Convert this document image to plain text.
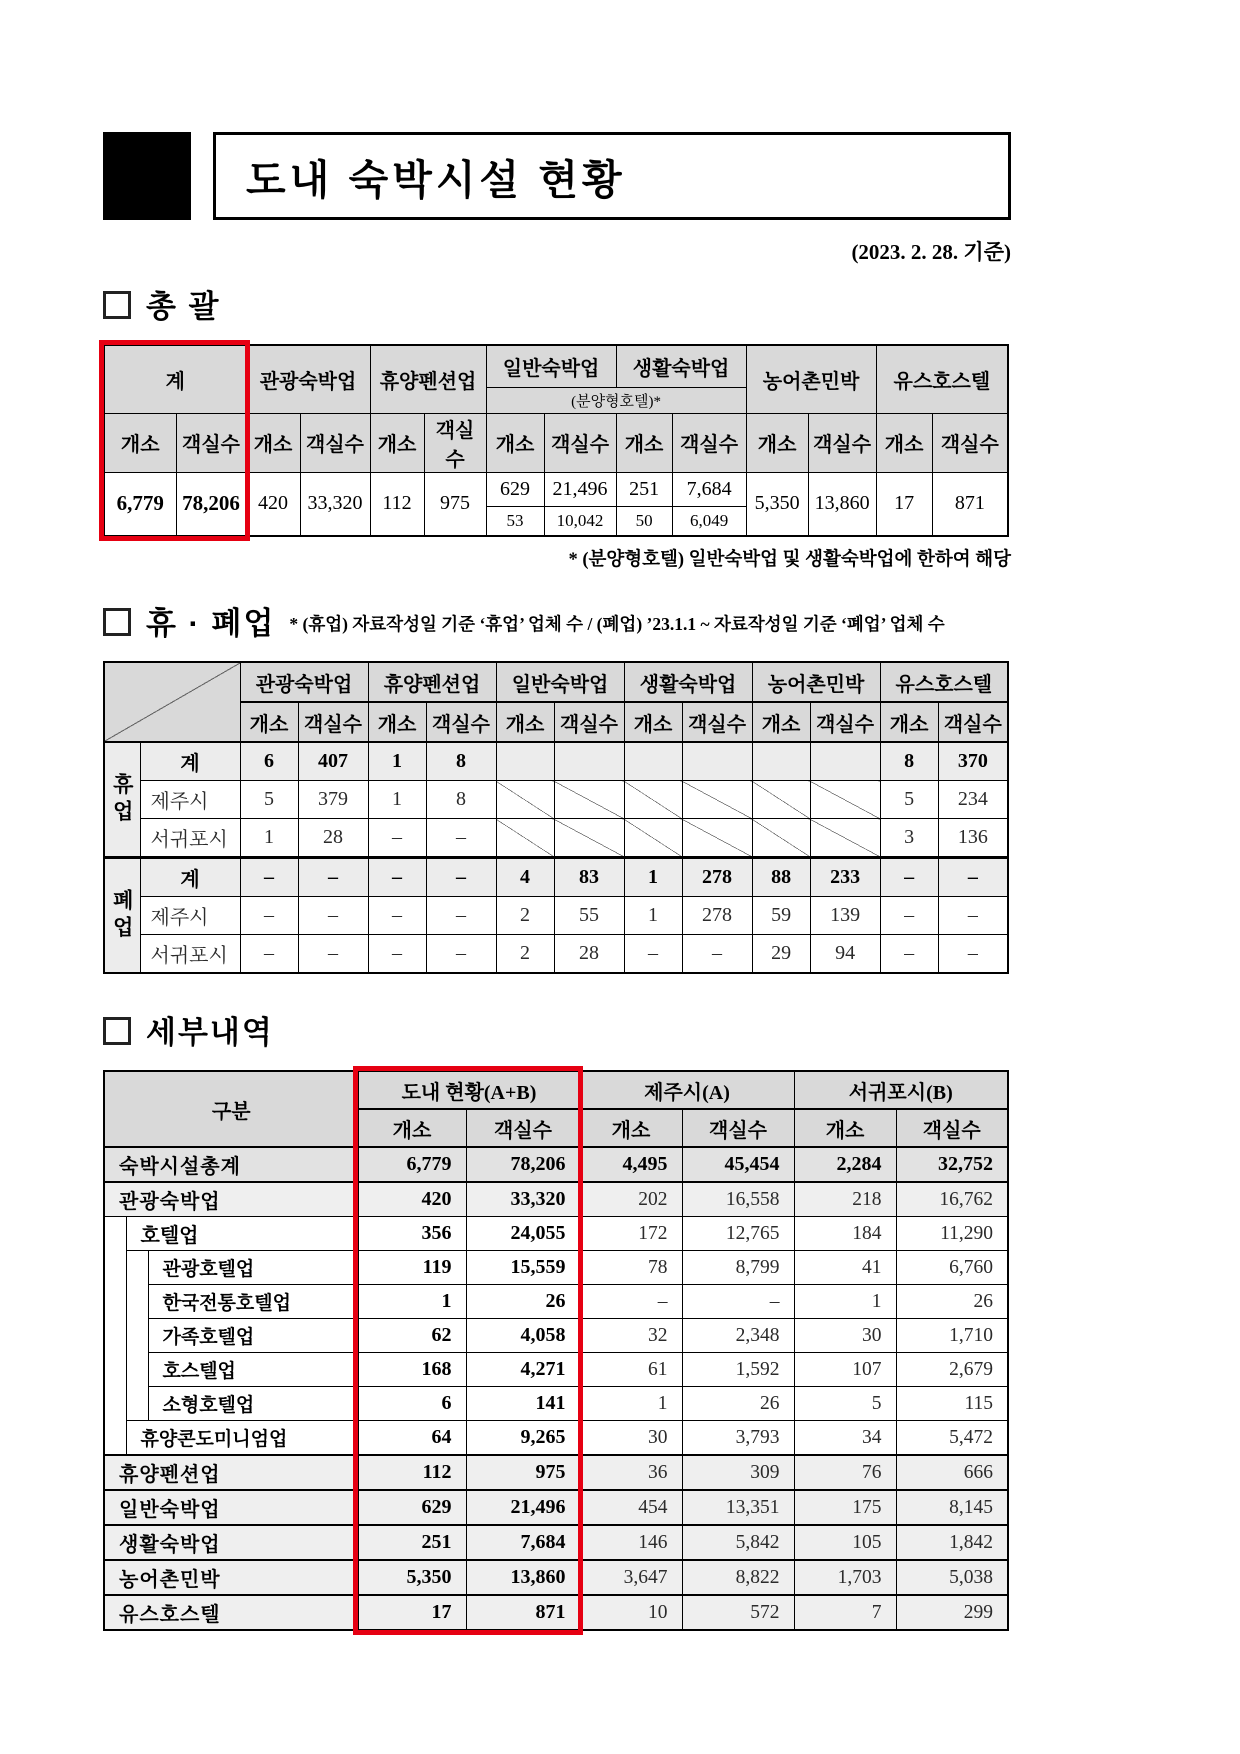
도내 숙박시설 현황
(2023. 2. 28. 기준)
총 괄
계		관광숙박업		휴양펜션업		일반숙박업		생활숙박업		농어촌민박		유스호스텔	
						(분양형호텔)*							
개소	객실수	개소	객실수	개소	객실수	개소	객실수	개소	객실수	개소	객실수	개소	객실수
6,779	78,206	420	33,320	112	975	629	21,496	251	7,684	5,350	13,860	17	871
						53	10,042	50	6,049				
* (분양형호텔) 일반숙박업 및 생활숙박업에 한하여 해당
휴 · 폐업 * (휴업) 자료작성일 기준 ‘휴업’ 업체 수 / (폐업) ’23.1.1 ~ 자료작성일 기준 ‘폐업’ 업체 수
		관광숙박업		휴양펜션업		일반숙박업		생활숙박업		농어촌민박		유스호스텔	
		개소	객실수	개소	객실수	개소	객실수	개소	객실수	개소	객실수	개소	객실수
휴업	계	6	407	1	8							8	370
	제주시	5	379	1	8							5	234
	서귀포시	1	28	–	–							3	136
폐업	계	–	–	–	–	4	83	1	278	88	233	–	–
	제주시	–	–	–	–	2	55	1	278	59	139	–	–
	서귀포시	–	–	–	–	2	28	–	–	29	94	–	–
세부내역
구분			도내 현황(A+B)		제주시(A)		서귀포시(B)	
			개소	객실수	개소	객실수	개소	객실수
숙박시설총계			6,779	78,206	4,495	45,454	2,284	32,752
관광숙박업			420	33,320	202	16,558	218	16,762
	호텔업		356	24,055	172	12,765	184	11,290
		관광호텔업	119	15,559	78	8,799	41	6,760
		한국전통호텔업	1	26	–	–	1	26
		가족호텔업	62	4,058	32	2,348	30	1,710
		호스텔업	168	4,271	61	1,592	107	2,679
		소형호텔업	6	141	1	26	5	115
	휴양콘도미니엄업		64	9,265	30	3,793	34	5,472
휴양펜션업			112	975	36	309	76	666
일반숙박업			629	21,496	454	13,351	175	8,145
생활숙박업			251	7,684	146	5,842	105	1,842
농어촌민박			5,350	13,860	3,647	8,822	1,703	5,038
유스호스텔			17	871	10	572	7	299
